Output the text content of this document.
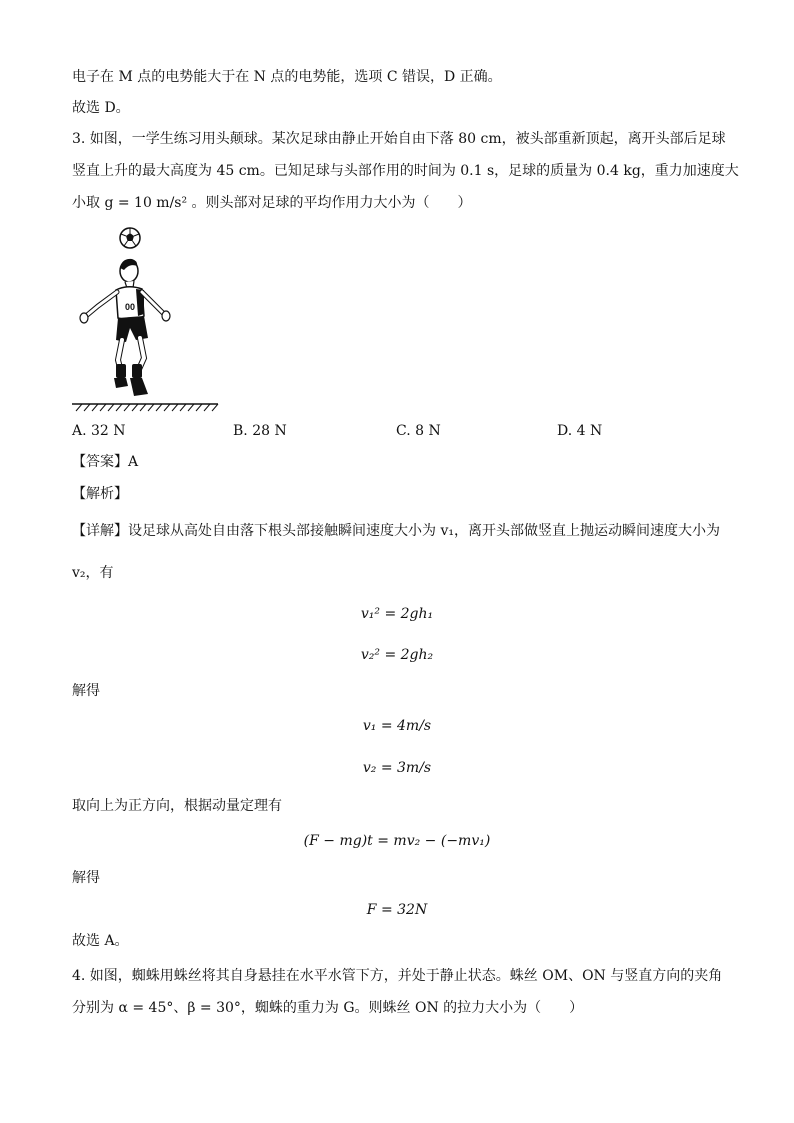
电子在 M 点的电势能大于在 N 点的电势能，选项 C 错误，D 正确。
故选 D。
3. 如图，一学生练习用头颠球。某次足球由静止开始自由下落 80 cm，被头部重新顶起，离开头部后足球
竖直上升的最大高度为 45 cm。已知足球与头部作用的时间为 0.1 s，足球的质量为 0.4 kg，重力加速度大
小取 g = 10 m/s² 。则头部对足球的平均作用力大小为（　　）
00
A. 32 N	B. 28 N	C. 8 N	D. 4 N
【答案】A
【解析】
【详解】设足球从高处自由落下根头部接触瞬间速度大小为 v₁，离开头部做竖直上抛运动瞬间速度大小为
v₂，有
v₁² = 2gh₁
v₂² = 2gh₂
解得
v₁ = 4m/s
v₂ = 3m/s
取向上为正方向，根据动量定理有
(F − mg)t = mv₂ − (−mv₁)
解得
F = 32N
故选 A。
4. 如图，蜘蛛用蛛丝将其自身悬挂在水平水管下方，并处于静止状态。蛛丝 OM、ON 与竖直方向的夹角
分别为 α = 45°、β = 30°，蜘蛛的重力为 G。则蛛丝 ON 的拉力大小为（　　）
